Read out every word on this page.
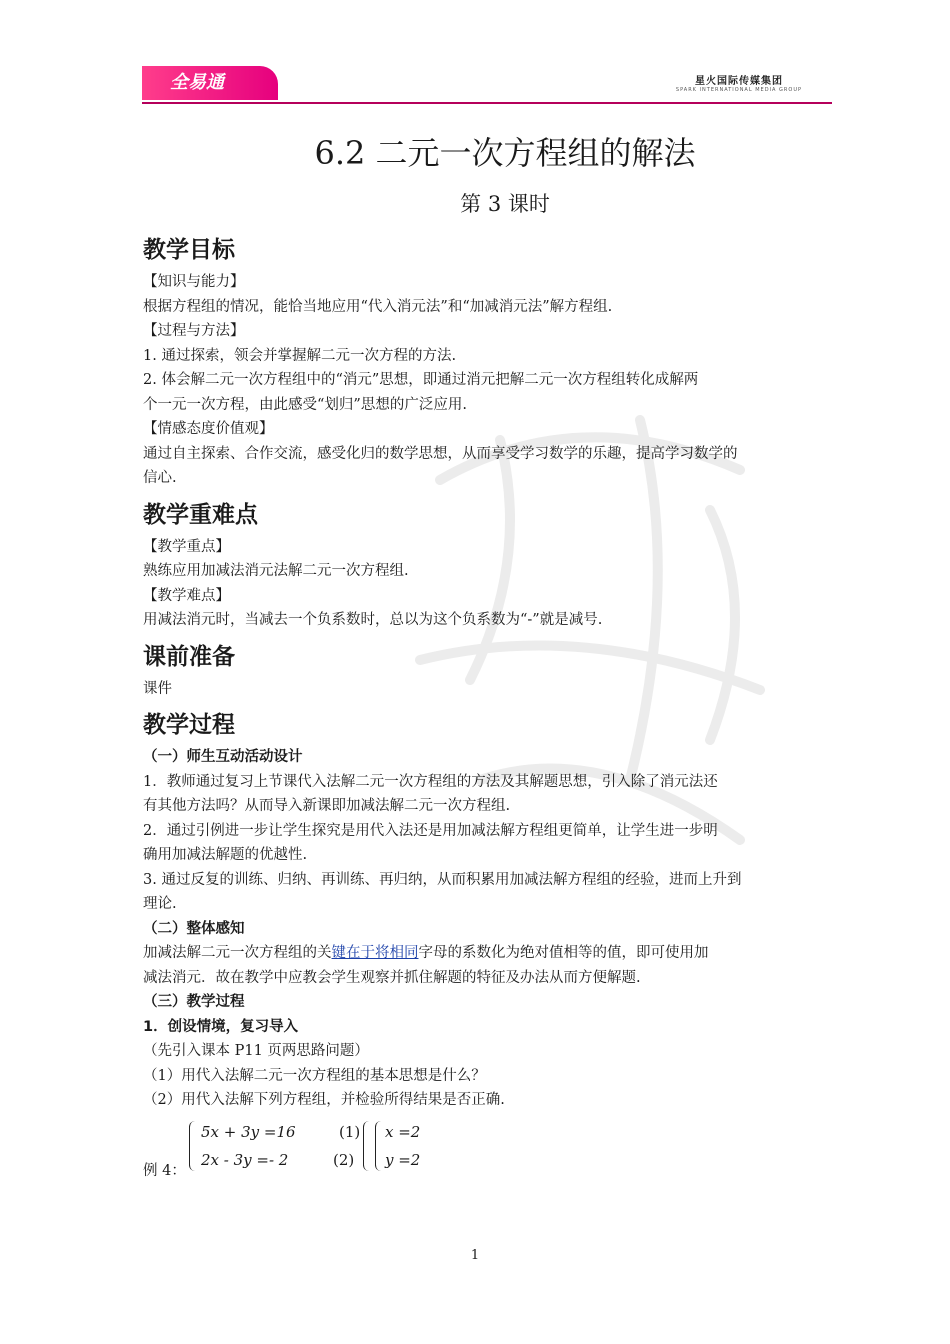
全易通	星火国际传媒集团
SPARK INTERNATIONAL MEDIA GROUP
6.2 二元一次方程组的解法
第 3 课时
教学目标

【知识与能力】

根据方程组的情况，能恰当地应用“代入消元法”和“加减消元法”解方程组.

【过程与方法】

1. 通过探索，领会并掌握解二元一次方程的方法.

2. 体会解二元一次方程组中的“消元”思想，即通过消元把解二元一次方程组转化成解两

个一元一次方程，由此感受“划归”思想的广泛应用.

【情感态度价值观】

通过自主探索、合作交流，感受化归的数学思想，从而享受学习数学的乐趣，提高学习数学的

信心.

教学重难点

【教学重点】

熟练应用加减法消元法解二元一次方程组.

【教学难点】

用减法消元时，当减去一个负系数时，总以为这个负系数为“-”就是减号.

课前准备

课件

教学过程

（一）师生互动活动设计

1．教师通过复习上节课代入法解二元一次方程组的方法及其解题思想，引入除了消元法还

有其他方法吗？从而导入新课即加减法解二元一次方程组.

2．通过引例进一步让学生探究是用代入法还是用加减法解方程组更简单，让学生进一步明

确用加减法解题的优越性.

3. 通过反复的训练、归纳、再训练、再归纳，从而积累用加减法解方程组的经验，进而上升到

理论.

（二）整体感知

加减法解二元一次方程组的关键在于将相同字母的系数化为绝对值相等的值，即可使用加

减法消元．故在教学中应教会学生观察并抓住解题的特征及办法从而方便解题.

（三）教学过程

1．创设情境，复习导入

（先引入课本 P11 页两思路问题）

（1）用代入法解二元一次方程组的基本思想是什么？

（2）用代入法解下列方程组，并检验所得结果是否正确.

例 4：
5x + 3y =16	(1)
2x - 3y =- 2	(2)
x =2
y =2
1
